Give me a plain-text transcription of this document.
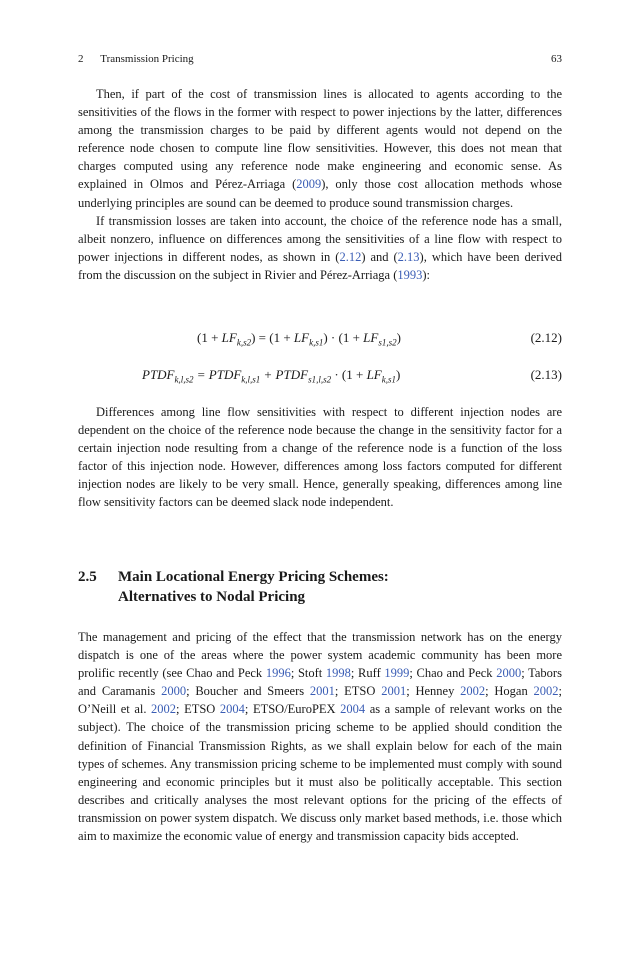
2 Transmission Pricing	63

Then, if part of the cost of transmission lines is allocated to agents according to the sensitivities of the flows in the former with respect to power injections by the latter, differences among the transmission charges to be paid by different agents would not depend on the reference node chosen to compute line flow sensitivities. However, this does not mean that charges computed using any reference node make engineering and economic sense. As explained in Olmos and Pérez-Arriaga (2009), only those cost allocation methods whose underlying principles are sound can be deemed to produce sound transmission charges.

If transmission losses are taken into account, the choice of the reference node has a small, albeit nonzero, influence on differences among the sensitivities of a line flow with respect to power injections in different nodes, as shown in (2.12) and (2.13), which have been derived from the discussion on the subject in Rivier and Pérez-Arriaga (1993):

$(1 + LF_{k,s2}) = (1 + LF_{k,s1}) \cdot (1 + LF_{s1,s2})$	(2.12)
$PTDF_{k,l,s2}$ = $PTDF_{k,l,s1}$ + $PTDF_{s1,l,s2} \cdot (1 + LF_{k,s1})$	(2.13)

Differences among line flow sensitivities with respect to different injection nodes are dependent on the choice of the reference node because the change in the sensitivity factor for a certain injection node resulting from a change of the reference node is a function of the loss factor of this injection node. However, differences among loss factors computed for different injection nodes are likely to be very small. Hence, generally speaking, differences among line flow sensitivity factors can be deemed slack node independent.

2.5 Main Locational Energy Pricing Schemes:
Alternatives to Nodal Pricing

The management and pricing of the effect that the transmission network has on the energy dispatch is one of the areas where the power system academic community has been more prolific recently (see Chao and Peck 1996; Stoft 1998; Ruff 1999; Chao and Peck 2000; Tabors and Caramanis 2000; Boucher and Smeers 2001; ETSO 2001; Henney 2002; Hogan 2002; O’Neill et al. 2002; ETSO 2004; ETSO/EuroPEX 2004 as a sample of relevant works on the subject). The choice of the transmission pricing scheme to be applied should condition the definition of Financial Transmission Rights, as we shall explain below for each of the main types of schemes. Any transmission pricing scheme to be implemented must comply with sound engineering and economic principles but it must also be politically acceptable. This section describes and critically analyses the most relevant options for the pricing of the effects of transmission on power system dispatch. We discuss only market based methods, i.e. those which aim to maximize the economic value of energy and transmission capacity bids accepted.
